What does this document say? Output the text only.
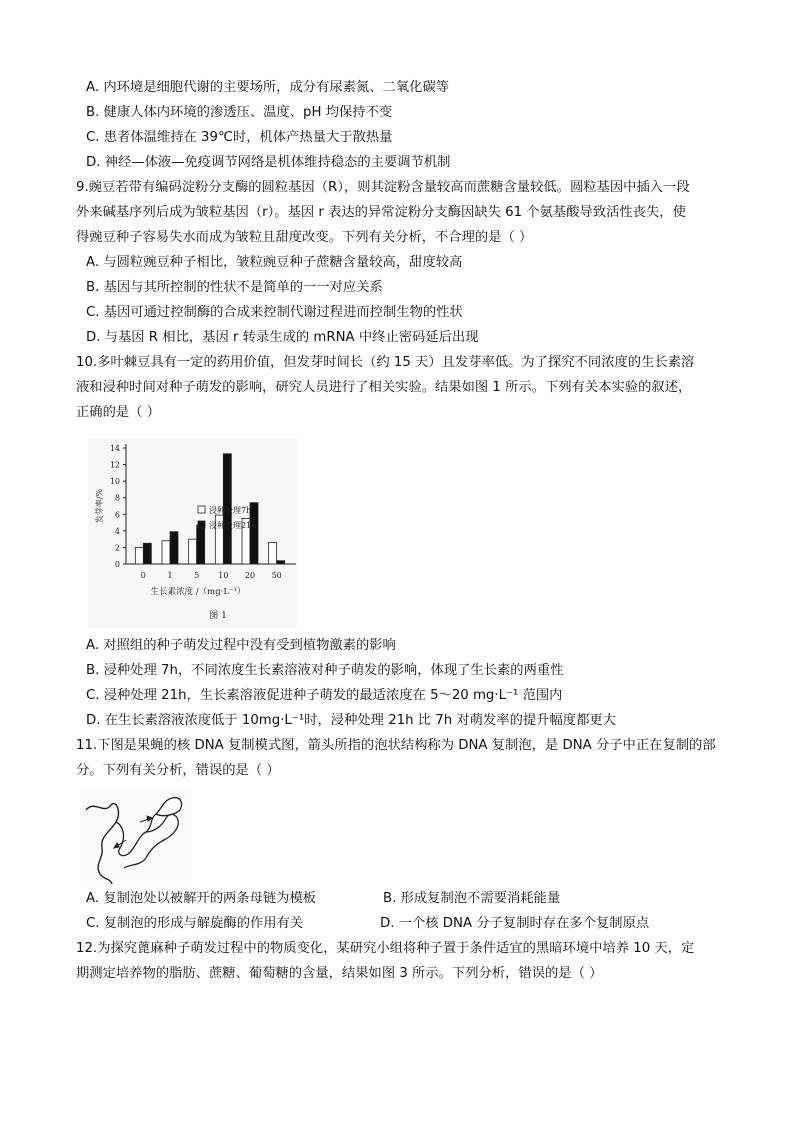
A. 内环境是细胞代谢的主要场所，成分有尿素氮、二氧化碳等
B. 健康人体内环境的渗透压、温度、pH 均保持不变
C. 患者体温维持在 39℃时，机体产热量大于散热量
D. 神经—体液—免疫调节网络是机体维持稳态的主要调节机制
9.豌豆若带有编码淀粉分支酶的圆粒基因（R），则其淀粉含量较高而蔗糖含量较低。圆粒基因中插入一段
外来碱基序列后成为皱粒基因（r）。基因 r 表达的异常淀粉分支酶因缺失 61 个氨基酸导致活性丧失，使
得豌豆种子容易失水而成为皱粒且甜度改变。下列有关分析，不合理的是（ ）
A. 与圆粒豌豆种子相比，皱粒豌豆种子蔗糖含量较高，甜度较高
B. 基因与其所控制的性状不是简单的一一对应关系
C. 基因可通过控制酶的合成来控制代谢过程进而控制生物的性状
D. 与基因 R 相比，基因 r 转录生成的 mRNA 中终止密码延后出现
10.多叶棘豆具有一定的药用价值，但发芽时间长（约 15 天）且发芽率低。为了探究不同浓度的生长素溶
液和浸种时间对种子萌发的影响，研究人员进行了相关实验。结果如图 1 所示。下列有关本实验的叙述，
正确的是（ ）
0
2
4
6
8
10
12
14
0	1	5 10 20 50
发芽率/%
生长素浓度 /（mg·L⁻¹）
图 1
浸种处理7h
浸种处理21h
A. 对照组的种子萌发过程中没有受到植物激素的影响
B. 浸种处理 7h，不同浓度生长素溶液对种子萌发的影响，体现了生长素的两重性
C. 浸种处理 21h，生长素溶液促进种子萌发的最适浓度在 5～20 mg·L⁻¹ 范围内
D. 在生长素溶液浓度低于 10mg·L⁻¹时，浸种处理 21h 比 7h 对萌发率的提升幅度都更大
11.下图是果蝇的核 DNA 复制模式图，箭头所指的泡状结构称为 DNA 复制泡，是 DNA 分子中正在复制的部
分。下列有关分析，错误的是（ ）
A. 复制泡处以被解开的两条母链为模板	B. 形成复制泡不需要消耗能量
C. 复制泡的形成与解旋酶的作用有关	D. 一个核 DNA 分子复制时存在多个复制原点
12.为探究蓖麻种子萌发过程中的物质变化，某研究小组将种子置于条件适宜的黑暗环境中培养 10 天，定
期测定培养物的脂肪、蔗糖、葡萄糖的含量，结果如图 3 所示。下列分析，错误的是（ ）
